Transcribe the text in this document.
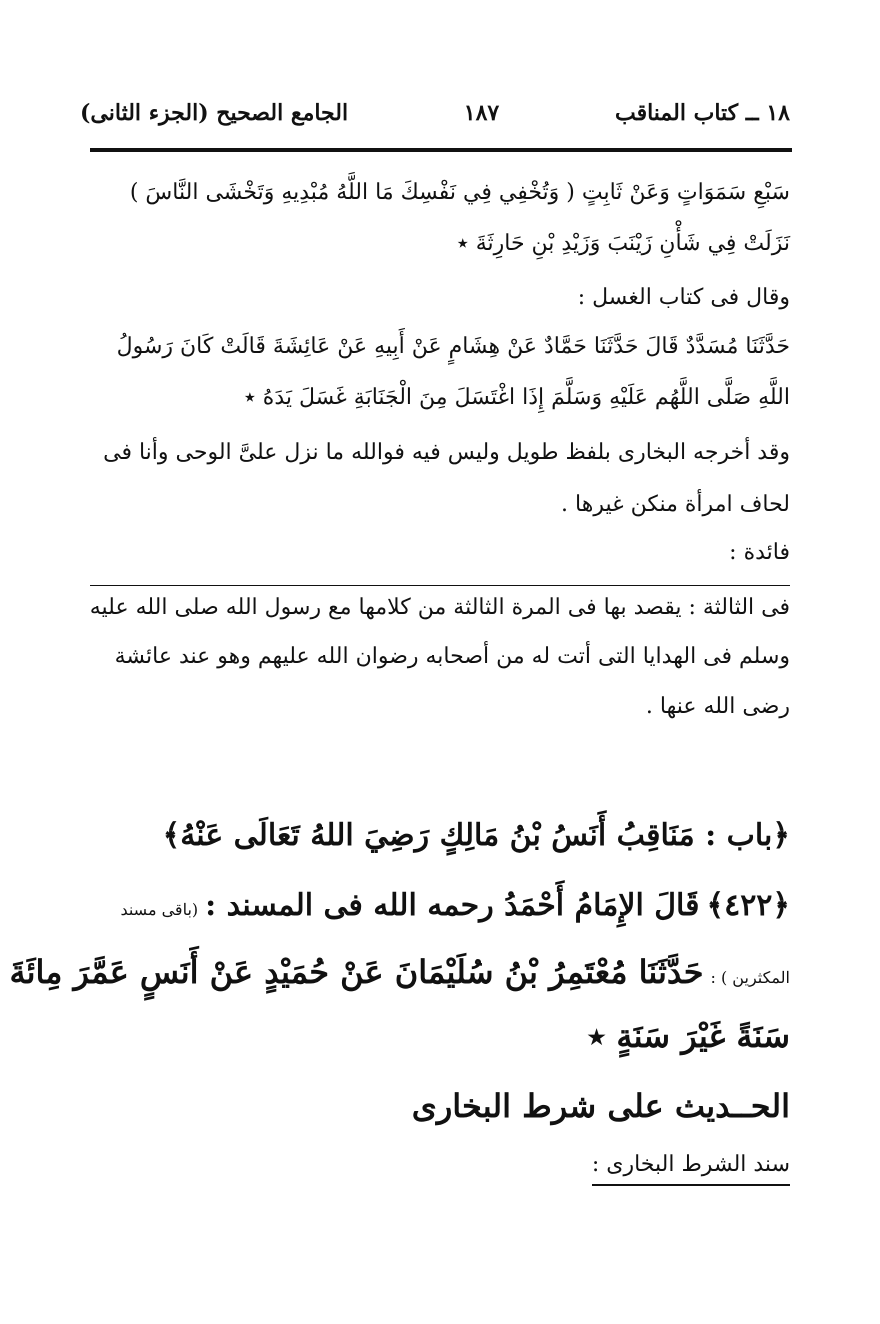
١٨ ــ كتاب المناقب
١٨٧
الجامع الصحيح (الجزء الثانى)
سَبْعِ سَمَوَاتٍ وَعَنْ ثَابِتٍ ( وَتُخْفِي فِي نَفْسِكَ مَا اللَّهُ مُبْدِيهِ وَتَخْشَى النَّاسَ )
نَزَلَتْ فِي شَأْنِ زَيْنَبَ وَزَيْدِ بْنِ حَارِثَةَ ٭
وقال فى كتاب الغسل :
حَدَّثَنَا مُسَدَّدٌ قَالَ حَدَّثَنَا حَمَّادٌ عَنْ هِشَامٍ عَنْ أَبِيهِ عَنْ عَائِشَةَ قَالَتْ كَانَ رَسُولُ
اللَّهِ صَلَّى اللَّهُم عَلَيْهِ وَسَلَّمَ إِذَا اغْتَسَلَ مِنَ الْجَنَابَةِ غَسَلَ يَدَهُ ٭
وقد أخرجه البخارى بلفظ طويل وليس فيه فوالله ما نزل علىَّ الوحى وأنا فى
لحاف امرأة منكن غيرها .
فائدة :
فى الثالثة : يقصد بها فى المرة الثالثة من كلامها مع رسول الله صلى الله عليه
وسلم فى الهدايا التى أتت له من أصحابه رضوان الله عليهم وهو عند عائشة
رضى الله عنها .
﴿باب : مَنَاقِبُ أَنَسُ بْنُ مَالِكٍ رَضِيَ اللهُ تَعَالَى عَنْهُ﴾
﴿٤٢٢﴾ قَالَ الإِمَامُ أَحْمَدُ رحمه الله فى المسند : (باقى مسند
المكثرين ) : حَدَّثَنَا مُعْتَمِرُ بْنُ سُلَيْمَانَ عَنْ حُمَيْدٍ عَنْ أَنَسٍ عَمَّرَ مِائَةَ
سَنَةً غَيْرَ سَنَةٍ ٭
الحــديث على شرط البخارى
سند الشرط البخارى :
